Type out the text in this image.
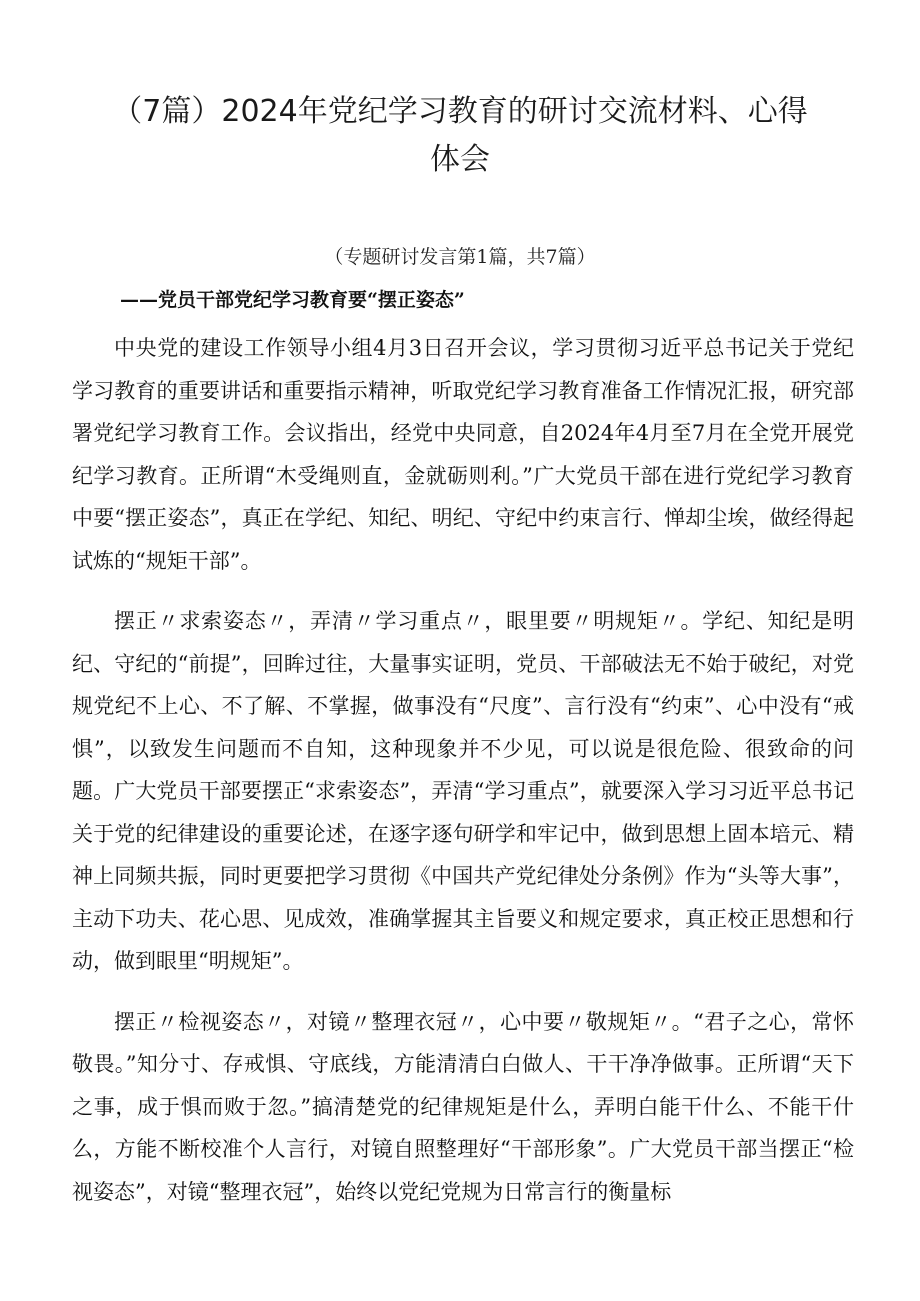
（7篇）2024年党纪学习教育的研讨交流材料、心得体会
（专题研讨发言第1篇，共7篇）
——党员干部党纪学习教育要“摆正姿态”

中央党的建设工作领导小组4月3日召开会议，学习贯彻习近平总书记关于党纪学习教育的重要讲话和重要指示精神，听取党纪学习教育准备工作情况汇报，研究部署党纪学习教育工作。会议指出，经党中央同意，自2024年4月至7月在全党开展党纪学习教育。正所谓“木受绳则直，金就砺则利。”广大党员干部在进行党纪学习教育中要“摆正姿态”，真正在学纪、知纪、明纪、守纪中约束言行、惮却尘埃，做经得起试炼的“规矩干部”。

摆正〃求索姿态〃，弄清〃学习重点〃，眼里要〃明规矩〃。学纪、知纪是明纪、守纪的“前提”，回眸过往，大量事实证明，党员、干部破法无不始于破纪，对党规党纪不上心、不了解、不掌握，做事没有“尺度”、言行没有“约束”、心中没有“戒惧”，以致发生问题而不自知，这种现象并不少见，可以说是很危险、很致命的问题。广大党员干部要摆正“求索姿态”，弄清“学习重点”，就要深入学习习近平总书记关于党的纪律建设的重要论述，在逐字逐句研学和牢记中，做到思想上固本培元、精神上同频共振，同时更要把学习贯彻《中国共产党纪律处分条例》作为“头等大事”，主动下功夫、花心思、见成效，准确掌握其主旨要义和规定要求，真正校正思想和行动，做到眼里“明规矩”。

摆正〃检视姿态〃，对镜〃整理衣冠〃，心中要〃敬规矩〃。“君子之心，常怀敬畏。”知分寸、存戒惧、守底线，方能清清白白做人、干干净净做事。正所谓“天下之事，成于惧而败于忽。”搞清楚党的纪律规矩是什么，弄明白能干什么、不能干什么，方能不断校准个人言行，对镜自照整理好“干部形象”。广大党员干部当摆正“检视姿态”，对镜“整理衣冠”，始终以党纪党规为日常言行的衡量标
